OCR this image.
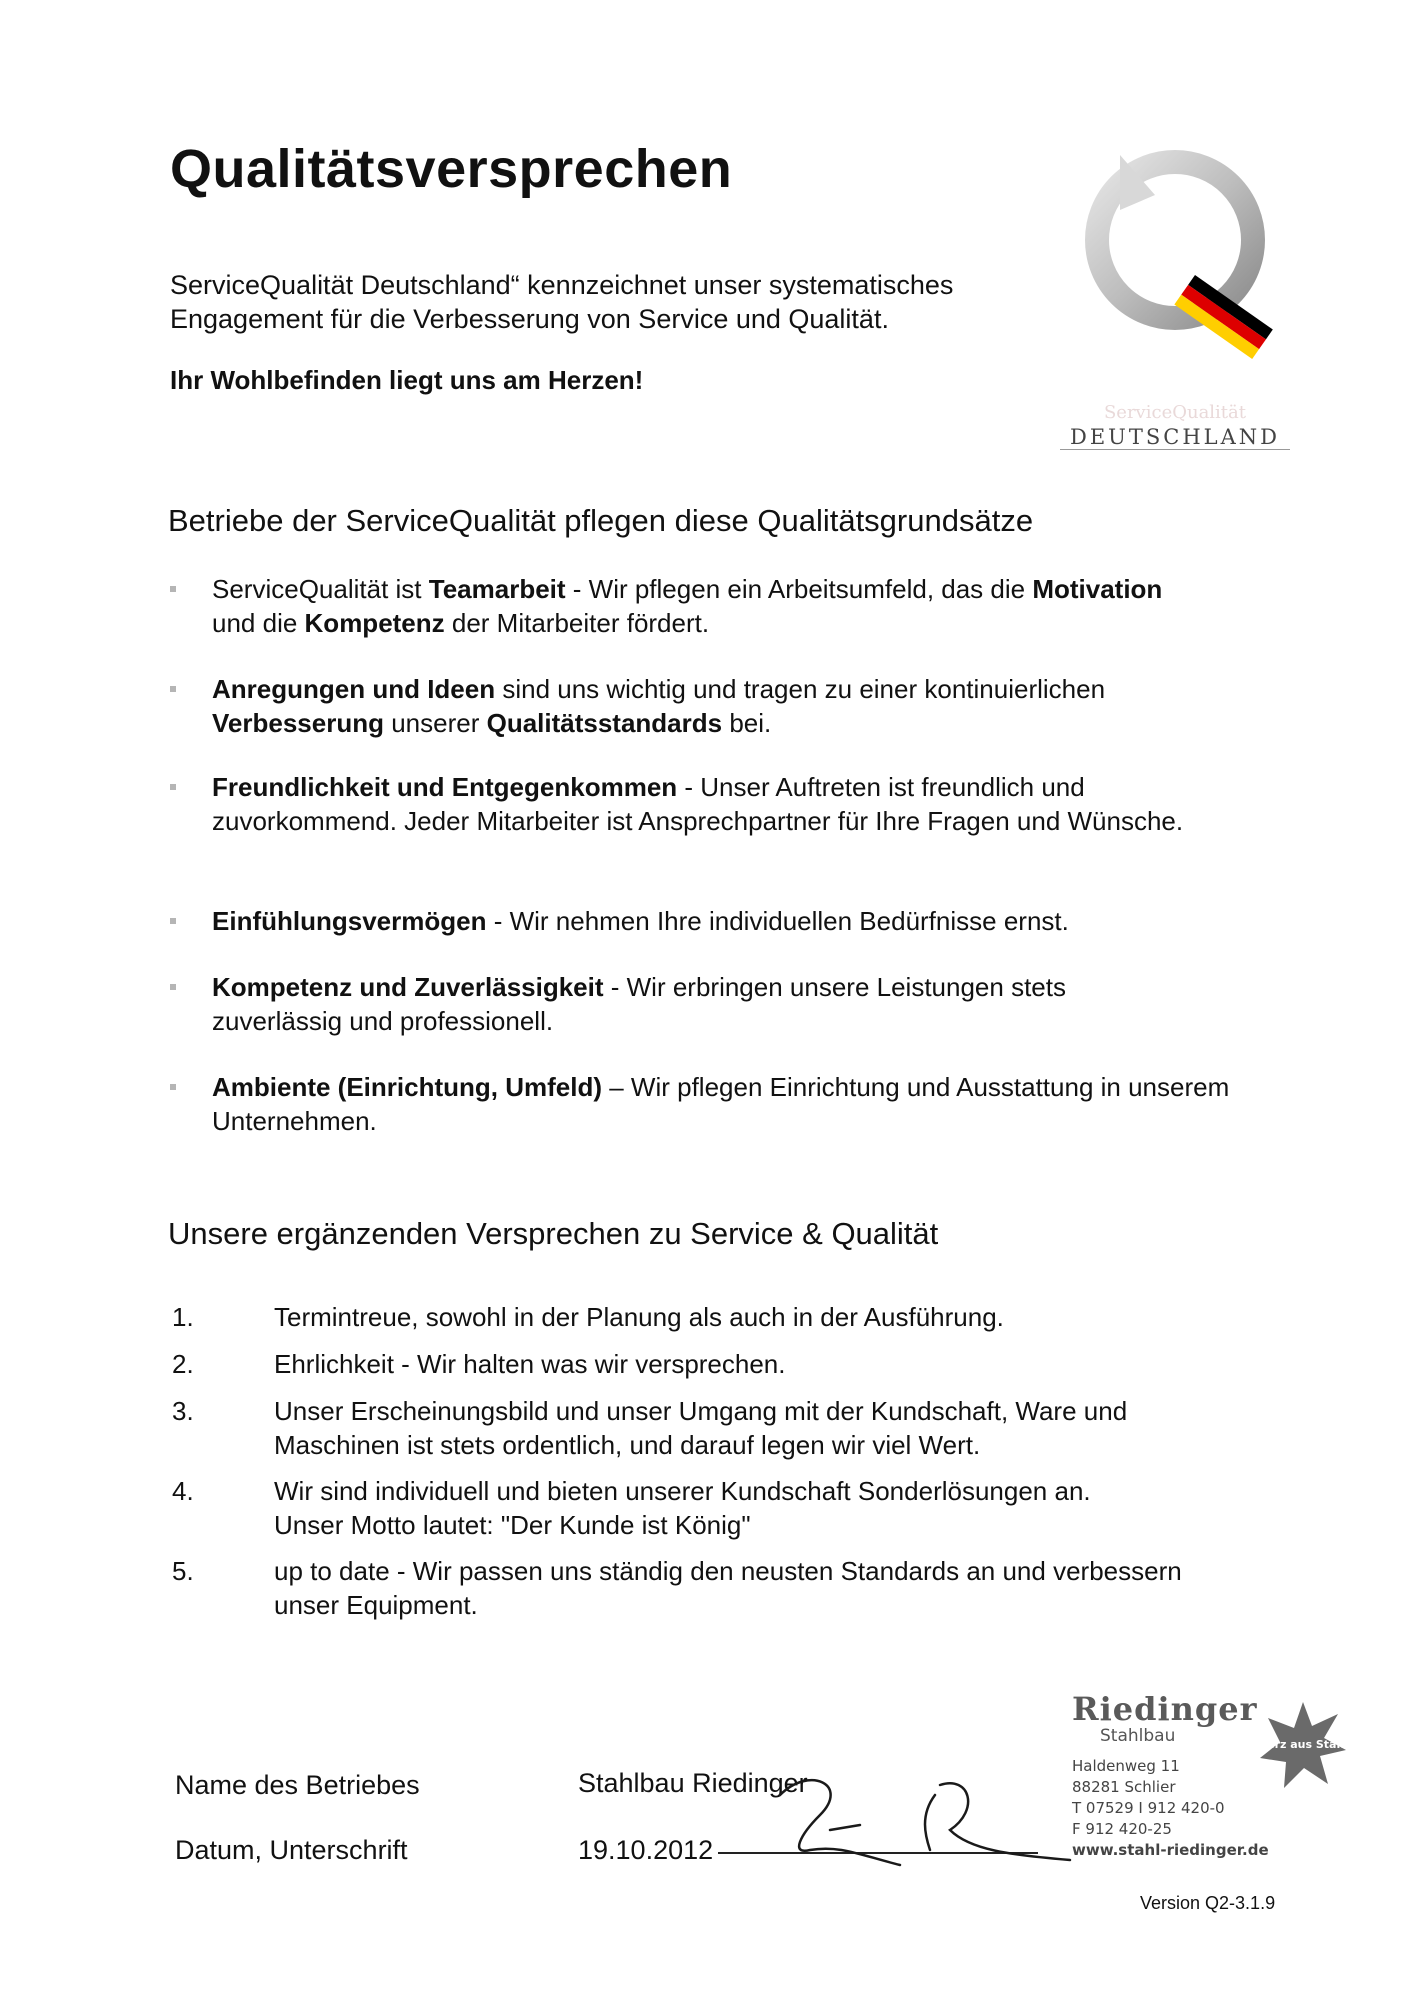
Qualitätsversprechen
ServiceQualität Deutschland“ kennzeichnet unser systematisches
Engagement für die Verbesserung von Service und Qualität.
Ihr Wohlbefinden liegt uns am Herzen!
ServiceQualität
DEUTSCHLAND
Betriebe der ServiceQualität pflegen diese Qualitätsgrundsätze
ServiceQualität ist Teamarbeit - Wir pflegen ein Arbeitsumfeld, das die Motivation
und die Kompetenz der Mitarbeiter fördert.
Anregungen und Ideen sind uns wichtig und tragen zu einer kontinuierlichen
Verbesserung unserer Qualitätsstandards bei.
Freundlichkeit und Entgegenkommen - Unser Auftreten ist freundlich und zuvorkommend. Jeder Mitarbeiter ist Ansprechpartner für Ihre Fragen und Wünsche.
Einfühlungsvermögen - Wir nehmen Ihre individuellen Bedürfnisse ernst.
Kompetenz und Zuverlässigkeit - Wir erbringen unsere Leistungen stets zuverlässig und professionell.
Ambiente (Einrichtung, Umfeld) – Wir pflegen Einrichtung und Ausstattung in unserem Unternehmen.
Unsere ergänzenden Versprechen zu Service & Qualität
1.	Termintreue, sowohl in der Planung als auch in der Ausführung.
2.	Ehrlichkeit - Wir halten was wir versprechen.
3.	Unser Erscheinungsbild und unser Umgang mit der Kundschaft, Ware und
Maschinen ist stets ordentlich, und darauf legen wir viel Wert.
4.	Wir sind individuell und bieten unserer Kundschaft Sonderlösungen an.
Unser Motto lautet: "Der Kunde ist König"
5.	up to date - Wir passen uns ständig den neusten Standards an und verbessern
unser Equipment.
Name des Betriebes	Stahlbau Riedinger
Datum, Unterschrift	19.10.2012
Riedinger
Stahlbau
Haldenweg 11
88281 Schlier
T 07529 I 912 420-0
F 912 420-25
www.stahl-riedinger.de
Herz aus Stahl
Version Q2-3.1.9
